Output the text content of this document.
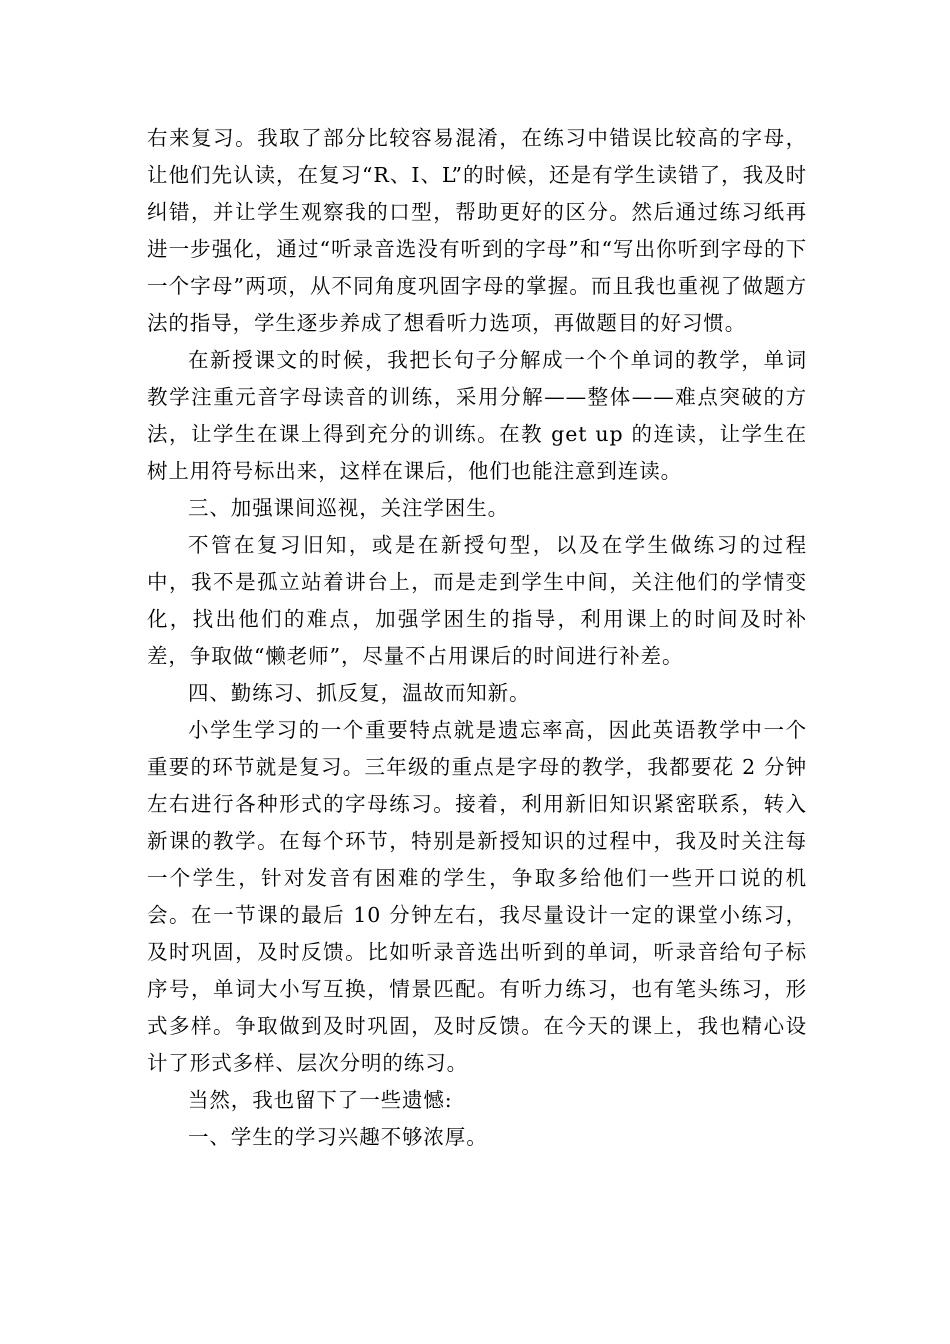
右来复习。我取了部分比较容易混淆，在练习中错误比较高的字母，让他们先认读，在复习“R、I、L”的时候，还是有学生读错了，我及时纠错，并让学生观察我的口型，帮助更好的区分。然后通过练习纸再进一步强化，通过“听录音选没有听到的字母”和“写出你听到字母的下一个字母”两项，从不同角度巩固字母的掌握。而且我也重视了做题方法的指导，学生逐步养成了想看听力选项，再做题目的好习惯。

在新授课文的时候，我把长句子分解成一个个单词的教学，单词教学注重元音字母读音的训练，采用分解——整体——难点突破的方法，让学生在课上得到充分的训练。在教 get up 的连读，让学生在树上用符号标出来，这样在课后，他们也能注意到连读。

三、加强课间巡视，关注学困生。

不管在复习旧知，或是在新授句型，以及在学生做练习的过程中，我不是孤立站着讲台上，而是走到学生中间，关注他们的学情变化，找出他们的难点，加强学困生的指导，利用课上的时间及时补差，争取做“懒老师”，尽量不占用课后的时间进行补差。

四、勤练习、抓反复，温故而知新。

小学生学习的一个重要特点就是遗忘率高，因此英语教学中一个重要的环节就是复习。三年级的重点是字母的教学，我都要花 2 分钟左右进行各种形式的字母练习。接着，利用新旧知识紧密联系，转入新课的教学。在每个环节，特别是新授知识的过程中，我及时关注每一个学生，针对发音有困难的学生，争取多给他们一些开口说的机会。在一节课的最后 10 分钟左右，我尽量设计一定的课堂小练习，及时巩固，及时反馈。比如听录音选出听到的单词，听录音给句子标序号，单词大小写互换，情景匹配。有听力练习，也有笔头练习，形式多样。争取做到及时巩固，及时反馈。在今天的课上，我也精心设计了形式多样、层次分明的练习。

当然，我也留下了一些遗憾:

一、学生的学习兴趣不够浓厚。
